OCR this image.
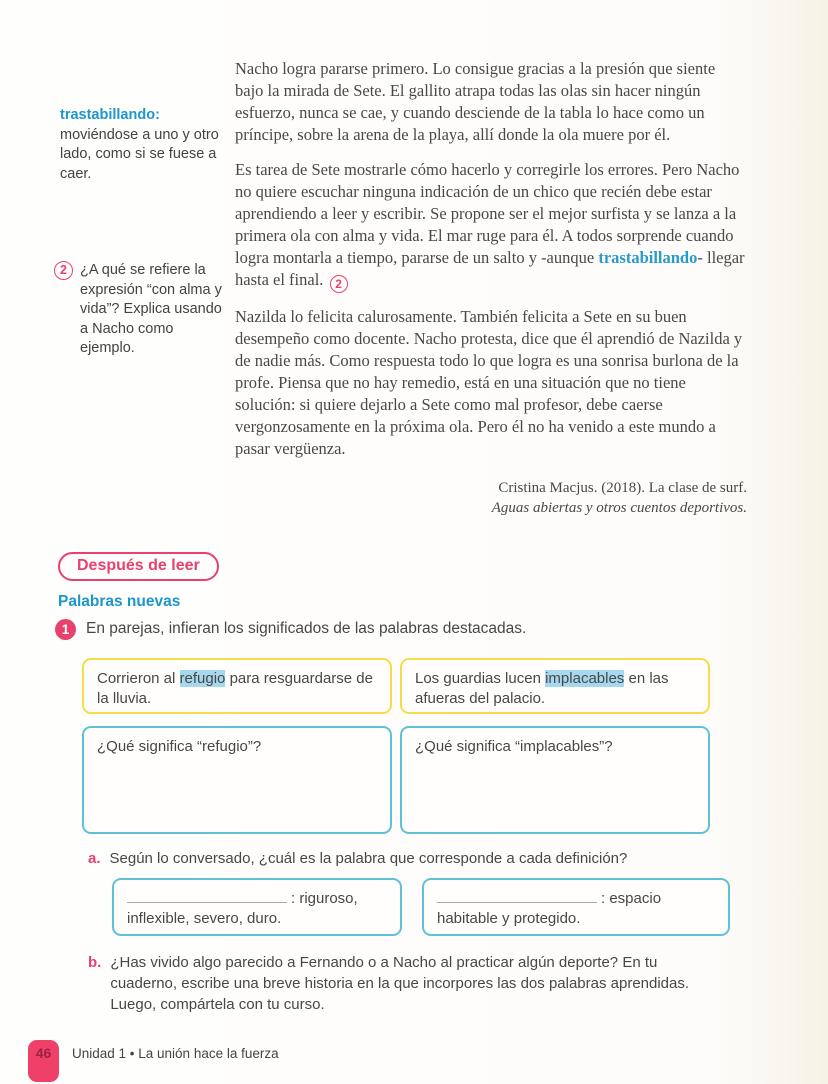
trastabillando:
moviéndose a uno y otro lado, como si se fuese a caer.
2 ¿A qué se refiere la expresión “con alma y vida”? Explica usando a Nacho como ejemplo.

Nacho logra pararse primero. Lo consigue gracias a la presión que siente bajo la mirada de Sete. El gallito atrapa todas las olas sin hacer ningún esfuerzo, nunca se cae, y cuando desciende de la tabla lo hace como un príncipe, sobre la arena de la playa, allí donde la ola muere por él.

Es tarea de Sete mostrarle cómo hacerlo y corregirle los errores. Pero Nacho no quiere escuchar ninguna indicación de un chico que recién debe estar aprendiendo a leer y escribir. Se propone ser el mejor surfista y se lanza a la primera ola con alma y vida. El mar ruge para él. A todos sorprende cuando logra montarla a tiempo, pararse de un salto y -aunque trastabillando- llegar hasta el final. 2

Nazilda lo felicita calurosamente. También felicita a Sete en su buen desempeño como docente. Nacho protesta, dice que él aprendió de Nazilda y de nadie más. Como respuesta todo lo que logra es una sonrisa burlona de la profe. Piensa que no hay remedio, está en una situación que no tiene solución: si quiere dejarlo a Sete como mal profesor, debe caerse vergonzosamente en la próxima ola. Pero él no ha venido a este mundo a pasar vergüenza.

Cristina Macjus. (2018). La clase de surf.
Aguas abiertas y otros cuentos deportivos.
Después de leer
Palabras nuevas
1	En parejas, infieran los significados de las palabras destacadas.
Corrieron al refugio para resguardarse de la lluvia.
Los guardias lucen implacables en las afueras del palacio.
¿Qué significa “refugio”?	¿Qué significa “implacables”?
a. Según lo conversado, ¿cuál es la palabra que corresponde a cada definición?
: riguroso, inflexible, severo, duro.
: espacio habitable y protegido.
b. ¿Has vivido algo parecido a Fernando o a Nacho al practicar algún deporte? En tu cuaderno, escribe una breve historia en la que incorpores las dos palabras aprendidas. Luego, compártela con tu curso.
46	Unidad 1 • La unión hace la fuerza
